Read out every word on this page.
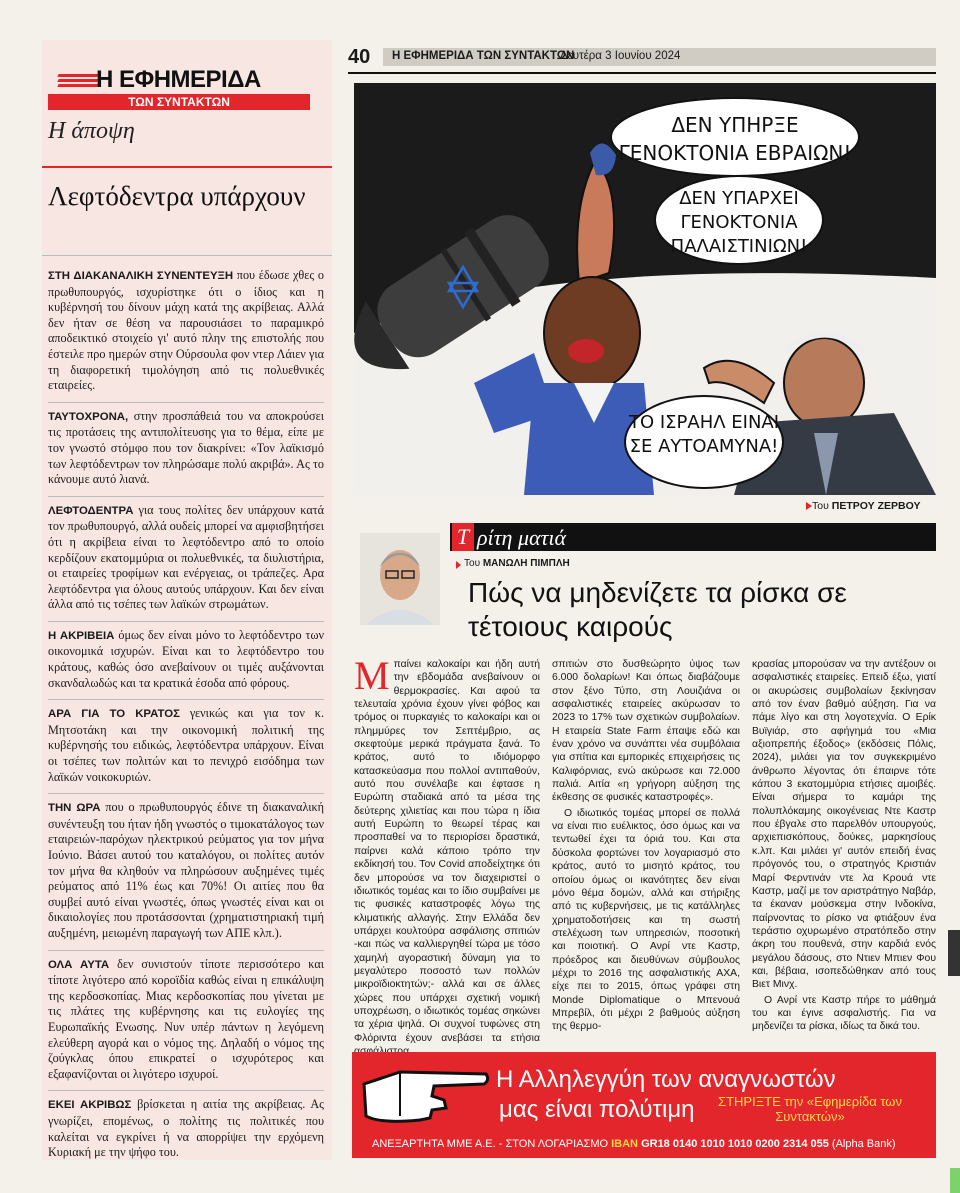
Η ΕΦΗΜΕΡΙΔΑ
ΤΩΝ ΣΥΝΤΑΚΤΩΝ
Η άποψη
Λεφτόδεντρα υπάρχουν

ΣΤΗ ΔΙΑΚΑΝΑΛΙΚΗ ΣΥΝΕΝΤΕΥΞΗ που έδωσε χθες ο πρωθυπουργός, ισχυρίστηκε ότι ο ίδιος και η κυβέρνησή του δίνουν μάχη κατά της ακρίβειας. Αλλά δεν ήταν σε θέση να παρουσιάσει το παραμικρό αποδεικτικό στοιχείο γι' αυτό πλην της επιστολής που έστειλε προ ημερών στην Ούρσουλα φον ντερ Λάιεν για τη διαφορετική τιμολόγηση από τις πολυεθνικές εταιρείες.

ΤΑΥΤΟΧΡΟΝΑ, στην προσπάθειά του να αποκρούσει τις προτάσεις της αντιπολίτευσης για το θέμα, είπε με τον γνωστό στόμφο που τον διακρίνει: «Τον λαϊκισμό των λεφτόδεντρων τον πληρώσαμε πολύ ακριβά». Ας το κάνουμε αυτό λιανά.

ΛΕΦΤΟΔΕΝΤΡΑ για τους πολίτες δεν υπάρχουν κατά τον πρωθυπουργό, αλλά ουδείς μπορεί να αμφισβητήσει ότι η ακρίβεια είναι το λεφτόδεντρο από το οποίο κερδίζουν εκατομμύρια οι πολυεθνικές, τα διυλιστήρια, οι εταιρείες τροφίμων και ενέργειας, οι τράπεζες. Αρα λεφτόδεντρα για όλους αυτούς υπάρχουν. Και δεν είναι άλλα από τις τσέπες των λαϊκών στρωμάτων.

Η ΑΚΡΙΒΕΙΑ όμως δεν είναι μόνο το λεφτόδεντρο των οικονομικά ισχυρών. Είναι και το λεφτόδεντρο του κράτους, καθώς όσο ανεβαίνουν οι τιμές αυξάνονται σκανδαλωδώς και τα κρατικά έσοδα από φόρους.

ΑΡΑ ΓΙΑ ΤΟ ΚΡΑΤΟΣ γενικώς και για τον κ. Μητσοτάκη και την οικονομική πολιτική της κυβέρνησής του ειδικώς, λεφτόδεντρα υπάρχουν. Είναι οι τσέπες των πολιτών και το πενιχρό εισόδημα των λαϊκών νοικοκυριών.

ΤΗΝ ΩΡΑ που ο πρωθυπουργός έδινε τη διακαναλική συνέντευξη του ήταν ήδη γνωστός ο τιμοκατάλογος των εταιρειών-παρόχων ηλεκτρικού ρεύματος για τον μήνα Ιούνιο. Βάσει αυτού του καταλόγου, οι πολίτες αυτόν τον μήνα θα κληθούν να πληρώσουν αυξημένες τιμές ρεύματος από 11% έως και 70%! Οι αιτίες που θα συμβεί αυτό είναι γνωστές, όπως γνωστές είναι και οι δικαιολογίες που προτάσσονται (χρηματιστηριακή τιμή αυξημένη, μειωμένη παραγωγή των ΑΠΕ κλπ.).

ΟΛΑ ΑΥΤΑ δεν συνιστούν τίποτε περισσότερο και τίποτε λιγότερο από κοροϊδία καθώς είναι η επικάλυψη της κερδοσκοπίας. Μιας κερδοσκοπίας που γίνεται με τις πλάτες της κυβέρνησης και τις ευλογίες της Ευρωπαϊκής Ενωσης. Νυν υπέρ πάντων η λεγόμενη ελεύθερη αγορά και ο νόμος της. Δηλαδή ο νόμος της ζούγκλας όπου επικρατεί ο ισχυρότερος και εξαφανίζονται οι λιγότερο ισχυροί.

ΕΚΕΙ ΑΚΡΙΒΩΣ βρίσκεται η αιτία της ακρίβειας. Ας γνωρίζει, επομένως, ο πολίτης τις πολιτικές που καλείται να εγκρίνει ή να απορρίψει την ερχόμενη Κυριακή με την ψήφο του.

40 Η ΕΦΗΜΕΡΙΔΑ ΤΩΝ ΣΥΝΤΑΚΤΩΝ
Δευτέρα 3 Ιουνίου 2024
ΔΕΝ ΥΠΗΡΞΕ ΓΕΝΟΚΤΟΝΙΑ ΕΒΡΑΙΩΝ!
ΔΕΝ ΥΠΑΡΧΕΙ ΓΕΝΟΚΤΟΝΙΑ ΠΑΛΑΙΣΤΙΝΙΩΝ!
ΤΟ ΙΣΡΑΗΛ ΕΙΝΑΙ ΣΕ ΑΥΤΟΑΜΥΝΑ!
Του ΠΕΤΡΟΥ ΖΕΡΒΟΥ
Τ ρίτη ματιά
Του ΜΑΝΩΛΗ ΠΙΜΠΛΗ
Πώς να μηδενίζετε τα ρίσκα σε τέτοιους καιρούς

Μπαίνει καλοκαίρι και ήδη αυτή την εβδομάδα ανεβαίνουν οι θερμοκρασίες. Και αφού τα τελευταία χρόνια έχουν γίνει φόβος και τρόμος οι πυρκαγιές το καλοκαίρι και οι πλημμύρες τον Σεπτέμβριο, ας σκεφτούμε μερικά πράγματα ξανά. Το κράτος, αυτό το ιδιόμορφο κατασκεύασμα που πολλοί αντιπαθούν, αυτό που συνέλαβε και έφτασε η Ευρώπη σταδιακά από τα μέσα της δεύτερης χιλιετίας και που τώρα η ίδια αυτή Ευρώπη το θεωρεί τέρας και προσπαθεί να το περιορίσει δραστικά, παίρνει καλά κάποιο τρόπο την εκδίκησή του. Τον Covid αποδείχτηκε ότι δεν μπορούσε να τον διαχειριστεί ο ιδιωτικός τομέας και το ίδιο συμβαίνει με τις φυσικές καταστροφές λόγω της κλιματικής αλλαγής. Στην Ελλάδα δεν υπάρχει κουλτούρα ασφάλισης σπιτιών -και πώς να καλλιεργηθεί τώρα με τόσο χαμηλή αγοραστική δύναμη για το μεγαλύτερο ποσοστό των πολλών μικροϊδιοκτητών;- αλλά και σε άλλες χώρες που υπάρχει σχετική νομική υποχρέωση, ο ιδιωτικός τομέας σηκώνει τα χέρια ψηλά. Οι συχνοί τυφώνες στη Φλόριντα έχουν ανεβάσει τα ετήσια

σπιτιών στο δυσθεώρητο ύψος των 6.000 δολαρίων! Και όπως διαβάζουμε στον ξένο Τύπο, στη Λουιζιάνα οι ασφαλιστικές εταιρείες ακύρωσαν το 2023 το 17% των σχετικών συμβολαίων. Η εταιρεία State Farm έπαψε εδώ και έναν χρόνο να συνάπτει νέα συμβόλαια για σπίτια και εμπορικές επιχειρήσεις τις Καλιφόρνιας, ενώ ακύρωσε και 72.000 παλιά. Αιτία «η γρήγορη αύξηση της έκθεσης σε φυσικές καταστροφές».

Ο ιδιωτικός τομέας μπορεί σε πολλά να είναι πιο ευέλικτος, όσο όμως και να τεντωθεί έχει τα όριά του. Και στα δύσκολα φορτώνει τον λογαριασμό στο κράτος, αυτό το μισητό κράτος, του οποίου όμως οι ικανότητες δεν είναι μόνο θέμα δομών, αλλά και στήριξης από τις κυβερνήσεις, με τις κατάλληλες χρηματοδοτήσεις και τη σωστή στελέχωση των υπηρεσιών, ποσοτική και ποιοτική. Ο Ανρί ντε Καστρ, πρόεδρος και διευθύνων σύμβουλος μέχρι το 2016 της ασφαλιστικής ΑΧΑ, είχε πει το 2015, όπως γράφει στη Monde Diplomatique ο Μπενουά Μπρεβίλ, ότι μέχρι 2 βαθμούς αύξηση της θερμο-

κρασίας μπορούσαν να την αντέξουν οι ασφαλιστικές εταιρείες. Επειδ έξω, γιατί οι ακυρώσεις συμβολαίων ξεκίνησαν από τον έναν βαθμό αύξηση. Για να πάμε λίγο και στη λογοτεχνία. Ο Ερίκ Βυϊγιάρ, στο αφήγημά του «Μια αξιοπρεπής έξοδος» (εκδόσεις Πόλις, 2024), μιλάει για τον συγκεκριμένο άνθρωπο λέγοντας ότι έπαιρνε τότε κάπου 3 εκατομμύρια ετήσιες αμοιβές. Είναι σήμερα το καμάρι της πολυπλόκαμης οικογένειας Ντε Καστρ που έβγαλε στο παρελθόν υπουργούς, αρχιεπισκόπους, δούκες, μαρκησίους κ.λπ. Και μιλάει γι' αυτόν επειδή ένας πρόγονός του, ο στρατηγός Κριστιάν Μαρί Φερντινάν ντε λα Κρουά ντε Καστρ, μαζί με τον αριστράτηγο Ναβάρ, τα έκαναν μούσκεμα στην Ινδοκίνα, παίρνοντας το ρίσκο να φτιάξουν ένα τεράστιο οχυρωμένο στρατόπεδο στην άκρη του πουθενά, στην καρδιά ενός μεγάλου δάσους, στο Ντιεν Μπιεν Φου και, βέβαια, ισοπεδώθηκαν από τους Βιετ Μινχ.

Ο Ανρί ντε Καστρ πήρε το μάθημά του και έγινε ασφαλιστής. Για να μηδενίζει τα ρίσκα, ιδίως τα δικά του.

Η Αλληλεγγύη των αναγνωστών
μας είναι πολύτιμη	ΣΤΗΡΙΞΤΕ την «Εφημερίδα των Συντακτών»
ΑΝΕΞΑΡΤΗΤΑ ΜΜΕ Α.Ε. - ΣΤΟΝ ΛΟΓΑΡΙΑΣΜΟ IBAN GR18 0140 1010 1010 0200 2314 055 (Alpha Bank)
